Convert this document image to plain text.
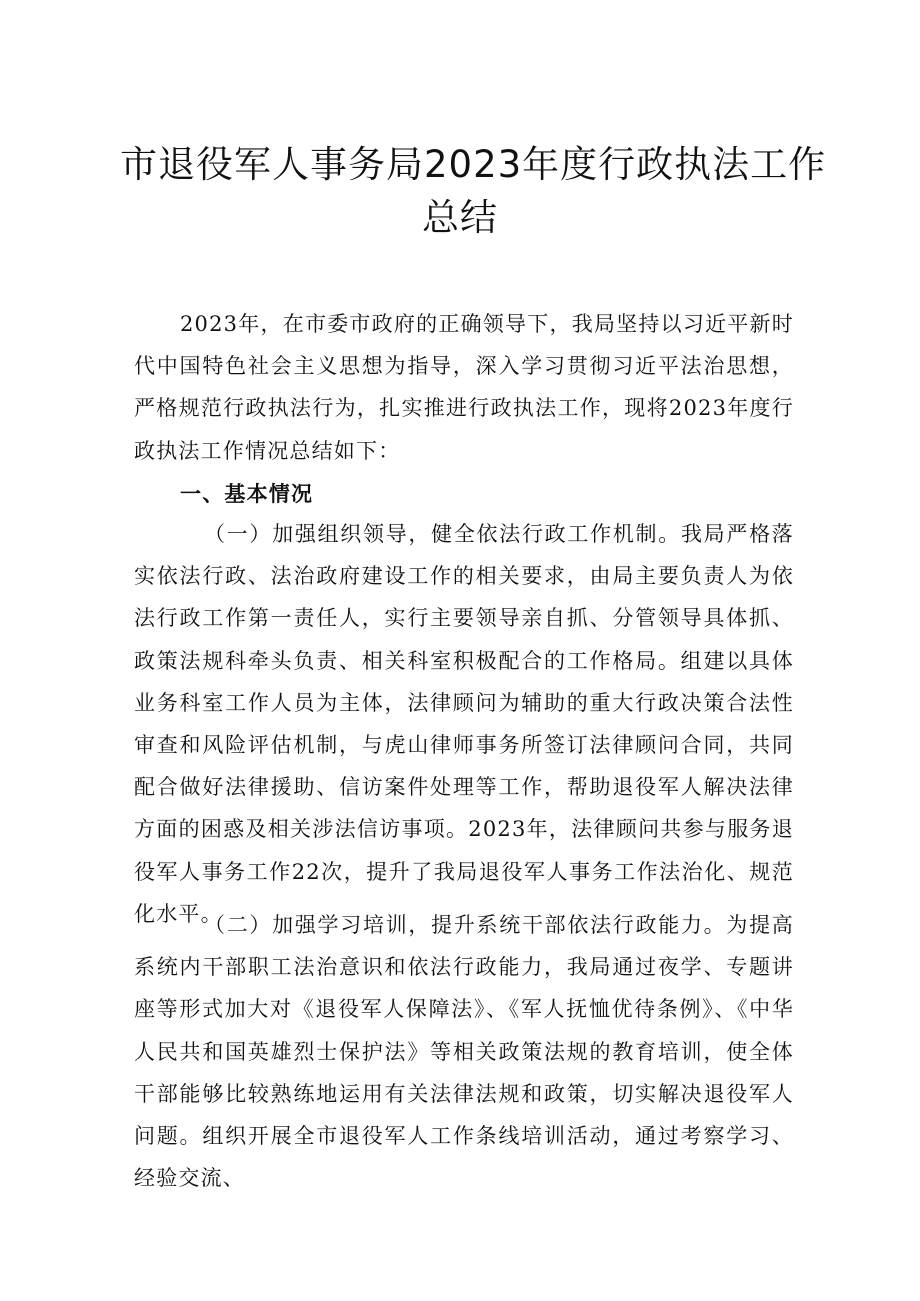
市退役军人事务局2023年度行政执法工作
总结

2023年，在市委市政府的正确领导下，我局坚持以习近平新时代中国特色社会主义思想为指导，深入学习贯彻习近平法治思想，严格规范行政执法行为，扎实推进行政执法工作，现将2023年度行政执法工作情况总结如下：

一、基本情况

（一）加强组织领导，健全依法行政工作机制。我局严格落实依法行政、法治政府建设工作的相关要求，由局主要负责人为依法行政工作第一责任人，实行主要领导亲自抓、分管领导具体抓、政策法规科牵头负责、相关科室积极配合的工作格局。组建以具体业务科室工作人员为主体，法律顾问为辅助的重大行政决策合法性审查和风险评估机制，与虎山律师事务所签订法律顾问合同，共同配合做好法律援助、信访案件处理等工作，帮助退役军人解决法律方面的困惑及相关涉法信访事项。2023年，法律顾问共参与服务退役军人事务工作22次，提升了我局退役军人事务工作法治化、规范化水平。

（二）加强学习培训，提升系统干部依法行政能力。为提高系统内干部职工法治意识和依法行政能力，我局通过夜学、专题讲座等形式加大对《退役军人保障法》、《军人抚恤优待条例》、《中华人民共和国英雄烈士保护法》等相关政策法规的教育培训，使全体干部能够比较熟练地运用有关法律法规和政策，切实解决退役军人问题。组织开展全市退役军人工作条线培训活动，通过考察学习、经验交流、
